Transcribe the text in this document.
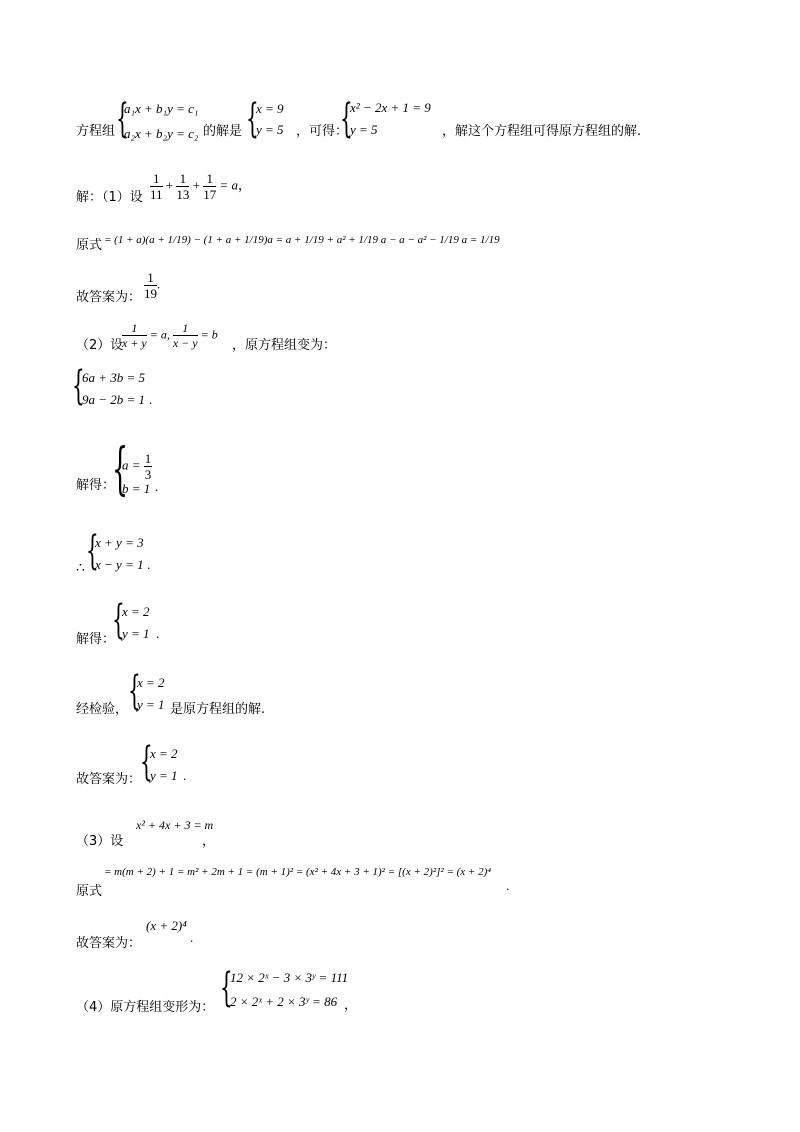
方程组 {
a₁x + b₁y = c₁
a₂x + b₂y = c₂ 的解是 {
x = 9
y = 5 ，可得：
{
x² − 2x + 1 = 9
y = 5	，解这个方程组可得原方程组的解.
解：（1）设 $\frac{1}{11} + \frac{1}{13} + \frac{1}{17} = a$，
原式 = (1 + a)(a + 1/19) − (1 + a + 1/19)a = a + 1/19 + a² + 1/19 a − a − a² − 1/19 a = 1/19
故答案为： $\frac{1}{19}$ .
（2）设
$\frac{1}{x + y} = a$, $\frac{1}{x - y} = b$
，原方程组变为：
{
6a + 3b = 5
9a − 2b = 1 .
解得：
{
$a = \frac{1}{3}$
b = 1 .
∴ {
x + y = 3
x − y = 1 .
解得：
{
x = 2
y = 1 .
经检验， {
x = 2
y = 1 是原方程组的解.
故答案为：
{
x = 2
y = 1 .
（3）设
x² + 4x + 3 = m
，
原式
= m(m + 2) + 1 = m² + 2m + 1 = (m + 1)² = (x² + 4x + 3 + 1)² = [(x + 2)²]² = (x + 2)⁴
.
故答案为：
(x + 2)⁴
.
（4）原方程组变形为： {
12 × 2ˣ − 3 × 3ʸ = 111
2 × 2ˣ + 2 × 3ʸ = 86 ，
